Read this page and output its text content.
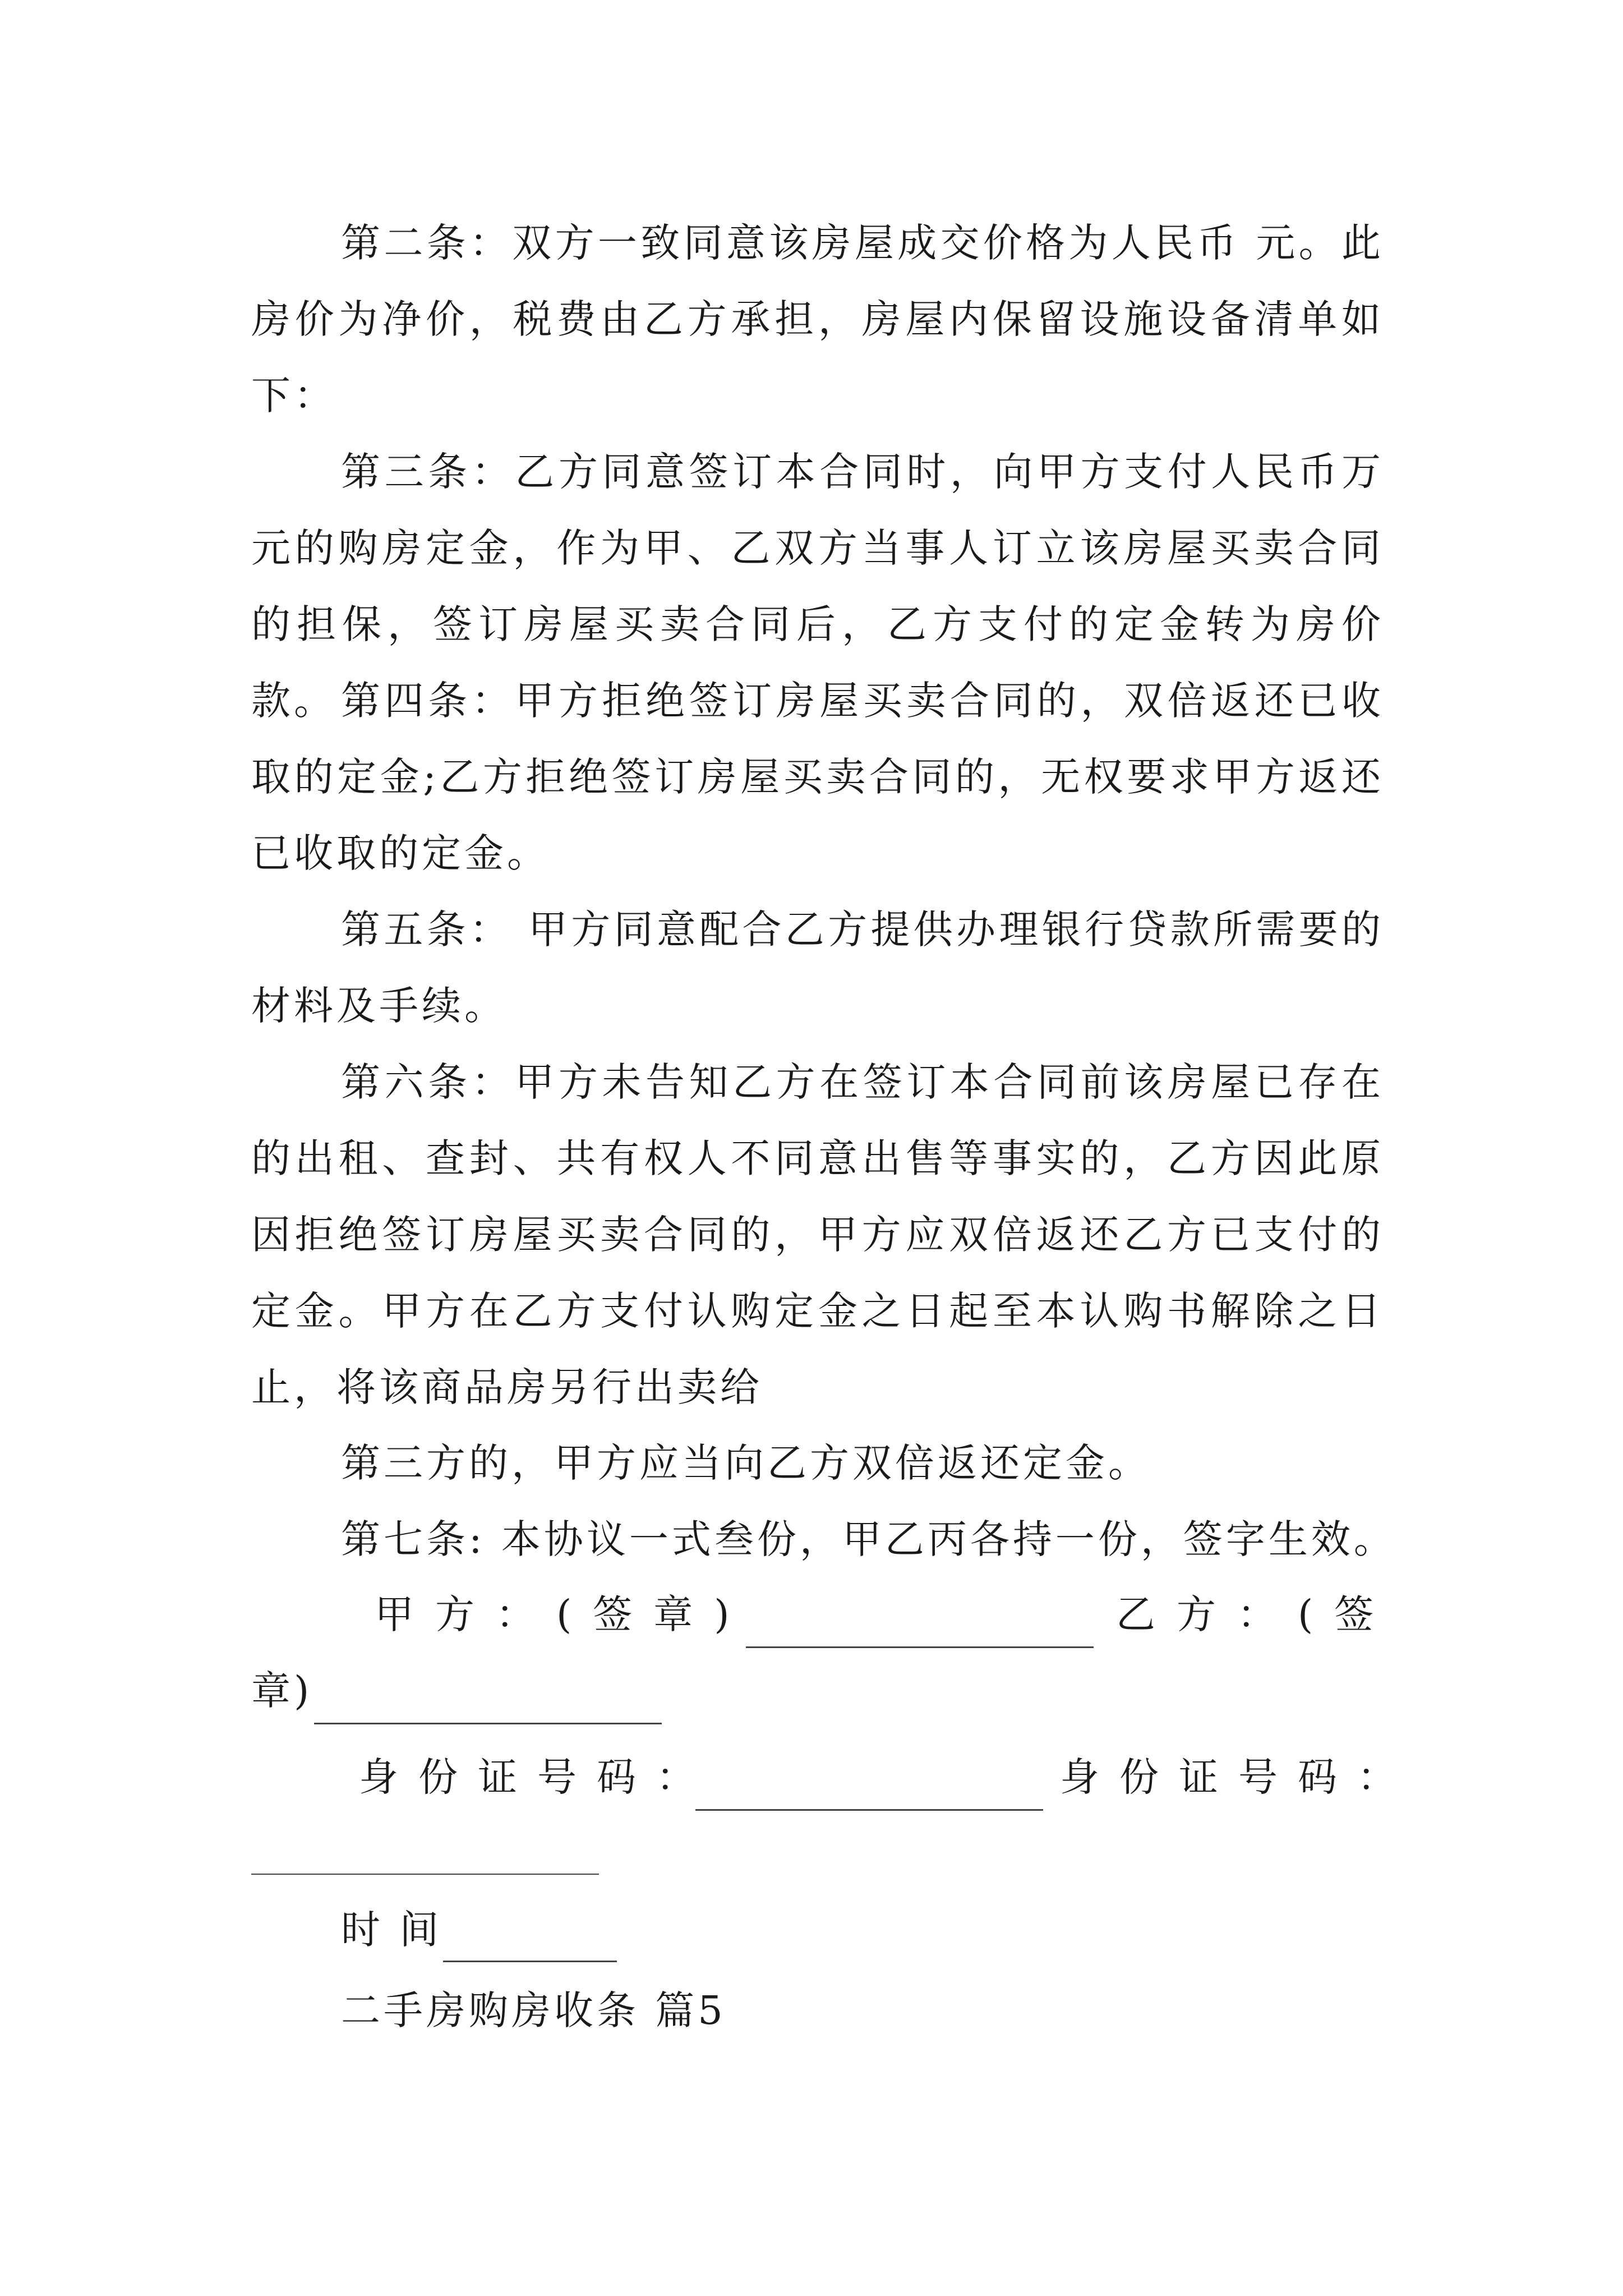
第二条：双方一致同意该房屋成交价格为人民币 元。此房价为净价，税费由乙方承担，房屋内保留设施设备清单如下：

第三条：乙方同意签订本合同时，向甲方支付人民币万元的购房定金，作为甲、乙双方当事人订立该房屋买卖合同的担保，签订房屋买卖合同后，乙方支付的定金转为房价款。 第四条：甲方拒绝签订房屋买卖合同的，双倍返还已收取的定金;乙方拒绝签订房屋买卖合同的，无权要求甲方返还已收取的定金。

第五条： 甲方同意配合乙方提供办理银行贷款所需要的材料及手续。

第六条：甲方未告知乙方在签订本合同前该房屋已存在的出租、查封、共有权人不同意出售等事实的，乙方因此原因拒绝签订房屋买卖合同的，甲方应双倍返还乙方已支付的定金。甲方在乙方支付认购定金之日起至本认购书解除之日止，将该商品房另行出卖给

第三方的，甲方应当向乙方双倍返还定金。

第七条: 本协议一式叁份，甲乙丙各持一份，签字生效。

甲方：(签章)	乙方：(签
章)
身份证号码：	身份证号码：
时 间

二手房购房收条 篇5
